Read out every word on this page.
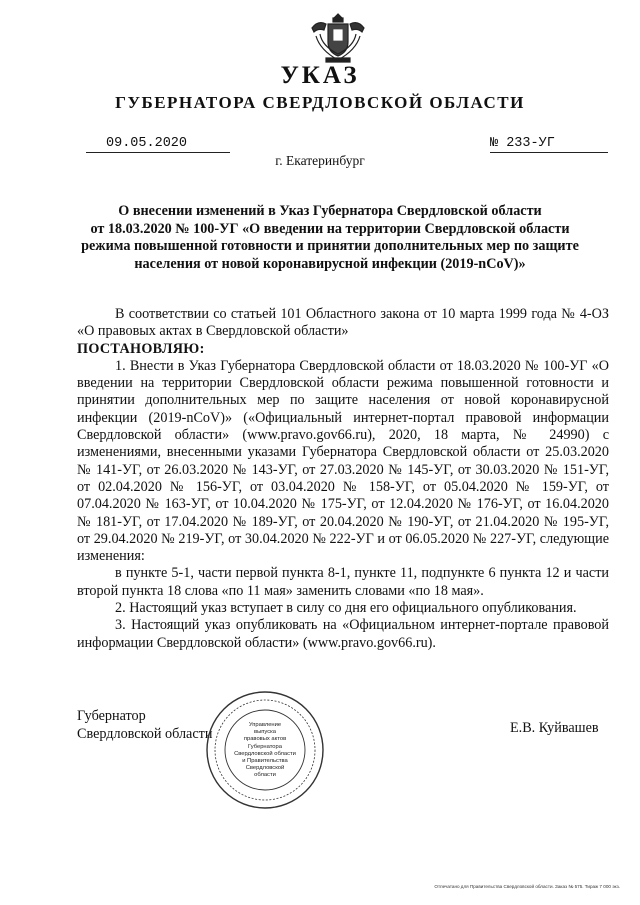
УКАЗ
ГУБЕРНАТОРА СВЕРДЛОВСКОЙ ОБЛАСТИ
09.05.2020	№ 233-УГ
г. Екатеринбург
О внесении изменений в Указ Губернатора Свердловской области
от 18.03.2020 № 100-УГ «О введении на территории Свердловской области
режима повышенной готовности и принятии дополнительных мер по защите
населения от новой коронавирусной инфекции (2019-nCoV)»

В соответствии со статьей 101 Областного закона от 10 марта 1999 года № 4-ОЗ «О правовых актах в Свердловской области»

ПОСТАНОВЛЯЮ:

1. Внести в Указ Губернатора Свердловской области от 18.03.2020 № 100-УГ «О введении на территории Свердловской области режима повышенной готовности и принятии дополнительных мер по защите населения от новой коронавирусной инфекции (2019-nCoV)» («Официальный интернет-портал правовой информации Свердловской области» (www.pravo.gov66.ru), 2020, 18 марта, № 24990) с изменениями, внесенными указами Губернатора Свердловской области от 25.03.2020 № 141-УГ, от 26.03.2020 № 143-УГ, от 27.03.2020 № 145-УГ, от 30.03.2020 № 151-УГ, от 02.04.2020 № 156-УГ, от 03.04.2020 № 158-УГ, от 05.04.2020 № 159-УГ, от 07.04.2020 № 163-УГ, от 10.04.2020 № 175-УГ, от 12.04.2020 № 176-УГ, от 16.04.2020 № 181-УГ, от 17.04.2020 № 189-УГ, от 20.04.2020 № 190-УГ, от 21.04.2020 № 195-УГ, от 29.04.2020 № 219-УГ, от 30.04.2020 № 222-УГ и от 06.05.2020 № 227-УГ, следующие изменения:

в пункте 5-1, части первой пункта 8-1, пункте 11, подпункте 6 пункта 12 и части второй пункта 18 слова «по 11 мая» заменить словами «по 18 мая».

2. Настоящий указ вступает в силу со дня его официального опубликования.

3. Настоящий указ опубликовать на «Официальном интернет-портале правовой информации Свердловской области» (www.pravo.gov66.ru).

Губернатор
Свердловской области	Е.В. Куйвашев
Управление
выпуска
правовых актов
Губернатора
Свердловской области
и Правительства
Свердловской
области
Отпечатано для Правительства Свердловской области. Заказ № 575. Тираж 7 000 экз.
